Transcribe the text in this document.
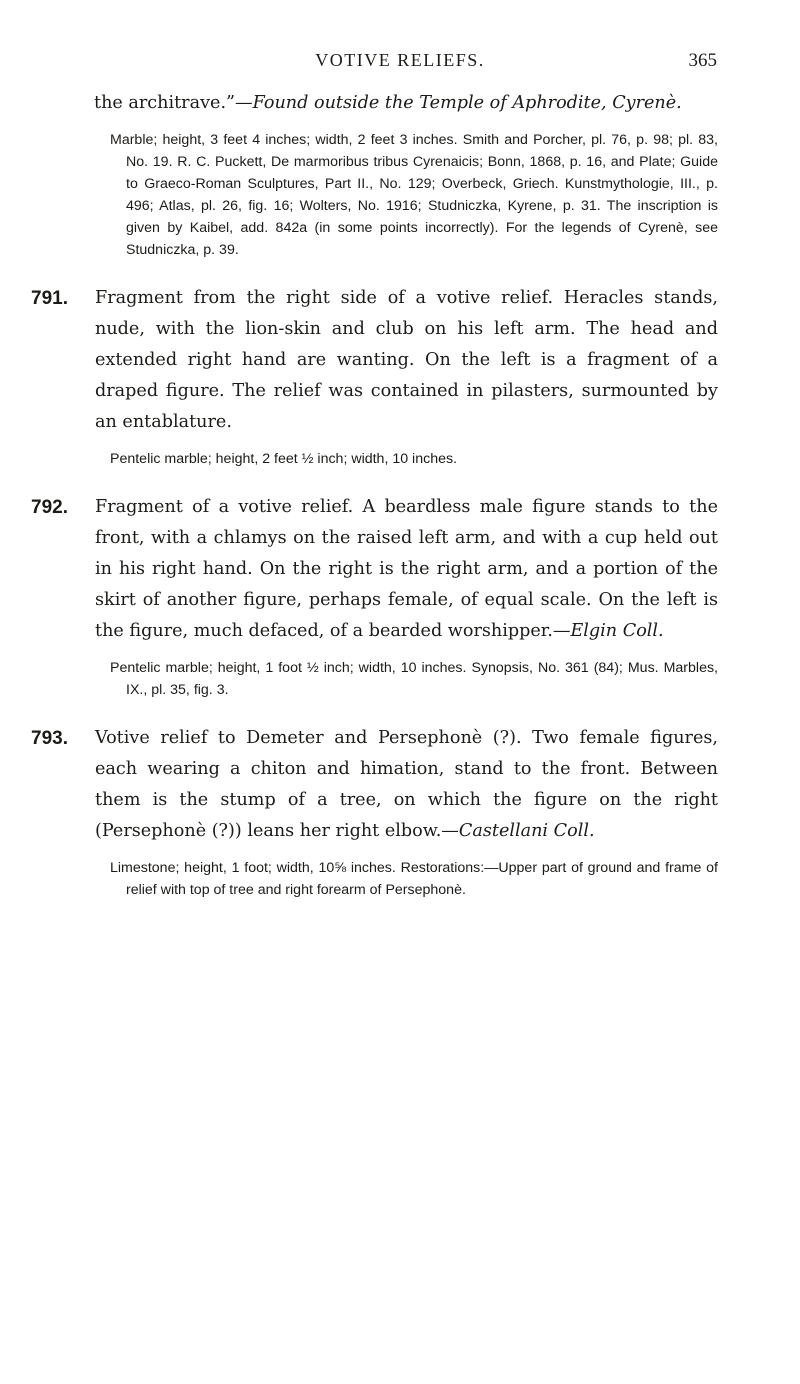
VOTIVE RELIEFS.	365

the architrave.”—Found outside the Temple of Aphrodite, Cyrenè.

Marble; height, 3 feet 4 inches; width, 2 feet 3 inches. Smith and Porcher, pl. 76, p. 98; pl. 83, No. 19. R. C. Puckett, De marmoribus tribus Cyrenaicis; Bonn, 1868, p. 16, and Plate; Guide to Graeco-Roman Sculptures, Part II., No. 129; Overbeck, Griech. Kunstmythologie, III., p. 496; Atlas, pl. 26, fig. 16; Wolters, No. 1916; Studniczka, Kyrene, p. 31. The inscription is given by Kaibel, add. 842a (in some points incorrectly). For the legends of Cyrenè, see Studniczka, p. 39.
791. Fragment from the right side of a votive relief. Heracles stands, nude, with the lion-skin and club on his left arm. The head and extended right hand are wanting. On the left is a fragment of a draped figure. The relief was contained in pilasters, surmounted by an entablature.
Pentelic marble; height, 2 feet ½ inch; width, 10 inches.
792. Fragment of a votive relief. A beardless male figure stands to the front, with a chlamys on the raised left arm, and with a cup held out in his right hand. On the right is the right arm, and a portion of the skirt of another figure, perhaps female, of equal scale. On the left is the figure, much defaced, of a bearded worshipper.—Elgin Coll.
Pentelic marble; height, 1 foot ½ inch; width, 10 inches. Synopsis, No. 361 (84); Mus. Marbles, IX., pl. 35, fig. 3.
793. Votive relief to Demeter and Persephonè (?). Two female figures, each wearing a chiton and himation, stand to the front. Between them is the stump of a tree, on which the figure on the right (Persephonè (?)) leans her right elbow.—Castellani Coll.
Limestone; height, 1 foot; width, 10⅝ inches. Restorations:—Upper part of ground and frame of relief with top of tree and right forearm of Persephonè.
